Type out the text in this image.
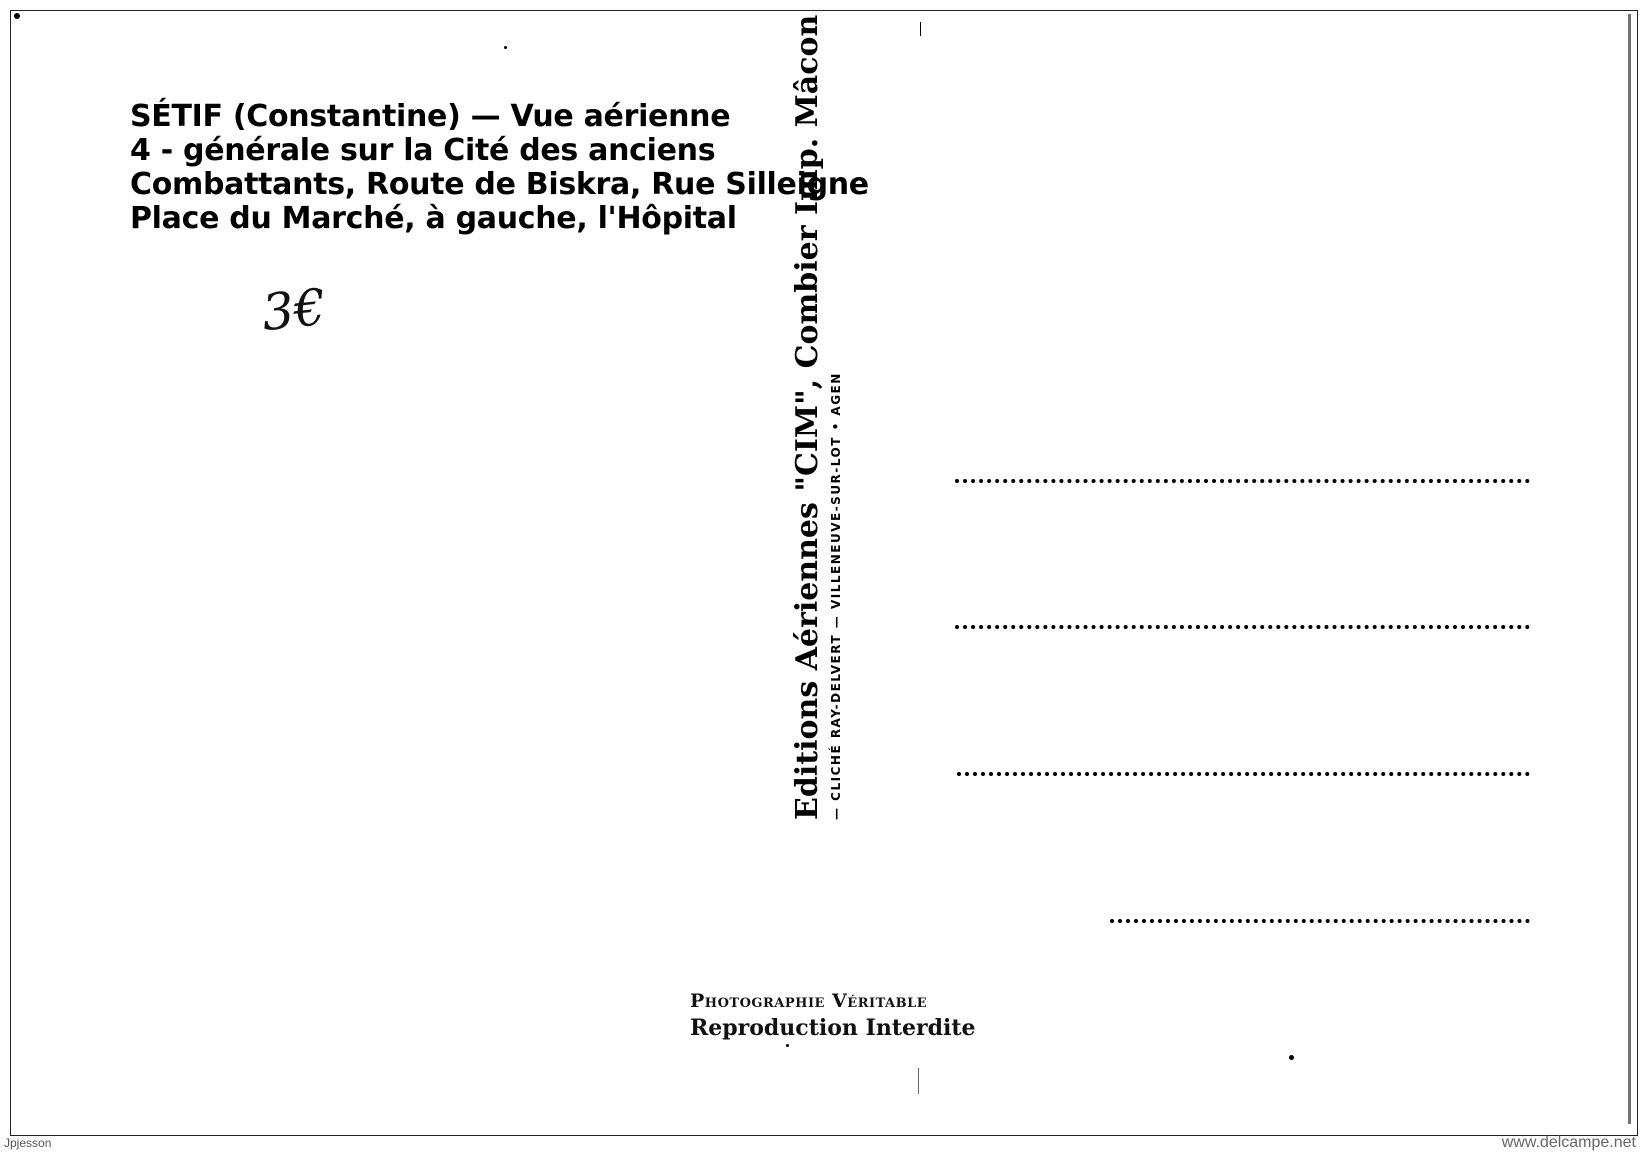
SÉTIF (Constantine) — Vue aérienne
4 - générale sur la Cité des anciens
Combattants, Route de Biskra, Rue Silleigne
Place du Marché, à gauche, l'Hôpital
3€	Editions Aériennes "CIM", Combier Imp. Mâcon — CLICHÉ RAY-DELVERT — VILLENEUVE-SUR-LOT • AGEN
Photographie Véritable
Reproduction Interdite
Jpjesson	www.delcampe.net
